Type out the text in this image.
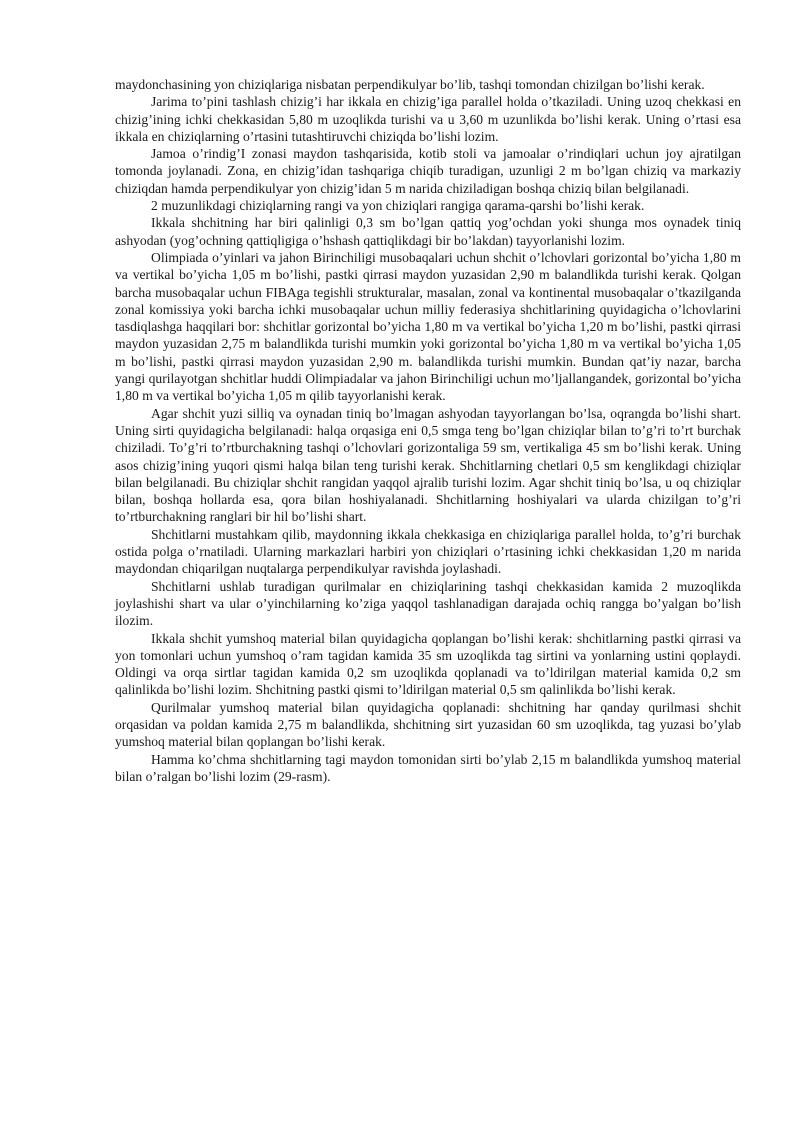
maydonchasining yon chiziqlariga nisbatan perpendikulyar bo’lib, tashqi tomondan chizilgan bo’lishi kerak.

Jarima to’pini tashlash chizig’i har ikkala en chizig’iga parallel holda o’tkaziladi. Uning uzoq chekkasi en chizig’ining ichki chekkasidan 5,80 m uzoqlikda turishi va u 3,60 m uzunlikda bo’lishi kerak. Uning o’rtasi esa ikkala en chiziqlarning o’rtasini tutashtiruvchi chiziqda bo’lishi lozim.

Jamoa o’rindig’I zonasi maydon tashqarisida, kotib stoli va jamoalar o’rindiqlari uchun joy ajratilgan tomonda joylanadi. Zona, en chizig’idan tashqariga chiqib turadigan, uzunligi 2 m bo’lgan chiziq va markaziy chiziqdan hamda perpendikulyar yon chizig’idan 5 m narida chiziladigan boshqa chiziq bilan belgilanadi.

2 muzunlikdagi chiziqlarning rangi va yon chiziqlari rangiga qarama-qarshi bo’lishi kerak.

Ikkala shchitning har biri qalinligi 0,3 sm bo’lgan qattiq yog’ochdan yoki shunga mos oynadek tiniq ashyodan (yog’ochning qattiqligiga o’hshash qattiqlikdagi bir bo’lakdan) tayyorlanishi lozim.

Olimpiada o’yinlari va jahon Birinchiligi musobaqalari uchun shchit o’lchovlari gorizontal bo’yicha 1,80 m va vertikal bo’yicha 1,05 m bo’lishi, pastki qirrasi maydon yuzasidan 2,90 m balandlikda turishi kerak. Qolgan barcha musobaqalar uchun FIBAga tegishli strukturalar, masalan, zonal va kontinental musobaqalar o’tkazilganda zonal komissiya yoki barcha ichki musobaqalar uchun milliy federasiya shchitlarining quyidagicha o’lchovlarini tasdiqlashga haqqilari bor: shchitlar gorizontal bo’yicha 1,80 m va vertikal bo’yicha 1,20 m bo’lishi, pastki qirrasi maydon yuzasidan 2,75 m balandlikda turishi mumkin yoki gorizontal bo’yicha 1,80 m va vertikal bo’yicha 1,05 m bo’lishi, pastki qirrasi maydon yuzasidan 2,90 m. balandlikda turishi mumkin. Bundan qat’iy nazar, barcha yangi qurilayotgan shchitlar huddi Olimpiadalar va jahon Birinchiligi uchun mo’ljallangandek, gorizontal bo’yicha 1,80 m va vertikal bo’yicha 1,05 m qilib tayyorlanishi kerak.

Agar shchit yuzi silliq va oynadan tiniq bo’lmagan ashyodan tayyorlangan bo’lsa, oqrangda bo’lishi shart. Uning sirti quyidagicha belgilanadi: halqa orqasiga eni 0,5 smga teng bo’lgan chiziqlar bilan to’g’ri to’rt burchak chiziladi. To’g’ri to’rtburchakning tashqi o’lchovlari gorizontaliga 59 sm, vertikaliga 45 sm bo’lishi kerak. Uning asos chizig’ining yuqori qismi halqa bilan teng turishi kerak. Shchitlarning chetlari 0,5 sm kenglikdagi chiziqlar bilan belgilanadi. Bu chiziqlar shchit rangidan yaqqol ajralib turishi lozim. Agar shchit tiniq bo’lsa, u oq chiziqlar bilan, boshqa hollarda esa, qora bilan hoshiyalanadi. Shchitlarning hoshiyalari va ularda chizilgan to’g’ri to’rtburchakning ranglari bir hil bo’lishi shart.

Shchitlarni mustahkam qilib, maydonning ikkala chekkasiga en chiziqlariga parallel holda, to’g’ri burchak ostida polga o’rnatiladi. Ularning markazlari harbiri yon chiziqlari o’rtasining ichki chekkasidan 1,20 m narida maydondan chiqarilgan nuqtalarga perpendikulyar ravishda joylashadi.

Shchitlarni ushlab turadigan qurilmalar en chiziqlarining tashqi chekkasidan kamida 2 muzoqlikda joylashishi shart va ular o’yinchilarning ko’ziga yaqqol tashlanadigan darajada ochiq rangga bo’yalgan bo’lish ilozim.

Ikkala shchit yumshoq material bilan quyidagicha qoplangan bo’lishi kerak: shchitlarning pastki qirrasi va yon tomonlari uchun yumshoq o’ram tagidan kamida 35 sm uzoqlikda tag sirtini va yonlarning ustini qoplaydi. Oldingi va orqa sirtlar tagidan kamida 0,2 sm uzoqlikda qoplanadi va to’ldirilgan material kamida 0,2 sm qalinlikda bo’lishi lozim. Shchitning pastki qismi to’ldirilgan material 0,5 sm qalinlikda bo’lishi kerak.

Qurilmalar yumshoq material bilan quyidagicha qoplanadi: shchitning har qanday qurilmasi shchit orqasidan va poldan kamida 2,75 m balandlikda, shchitning sirt yuzasidan 60 sm uzoqlikda, tag yuzasi bo’ylab yumshoq material bilan qoplangan bo’lishi kerak.

Hamma ko’chma shchitlarning tagi maydon tomonidan sirti bo’ylab 2,15 m balandlikda yumshoq material bilan o’ralgan bo’lishi lozim (29-rasm).
